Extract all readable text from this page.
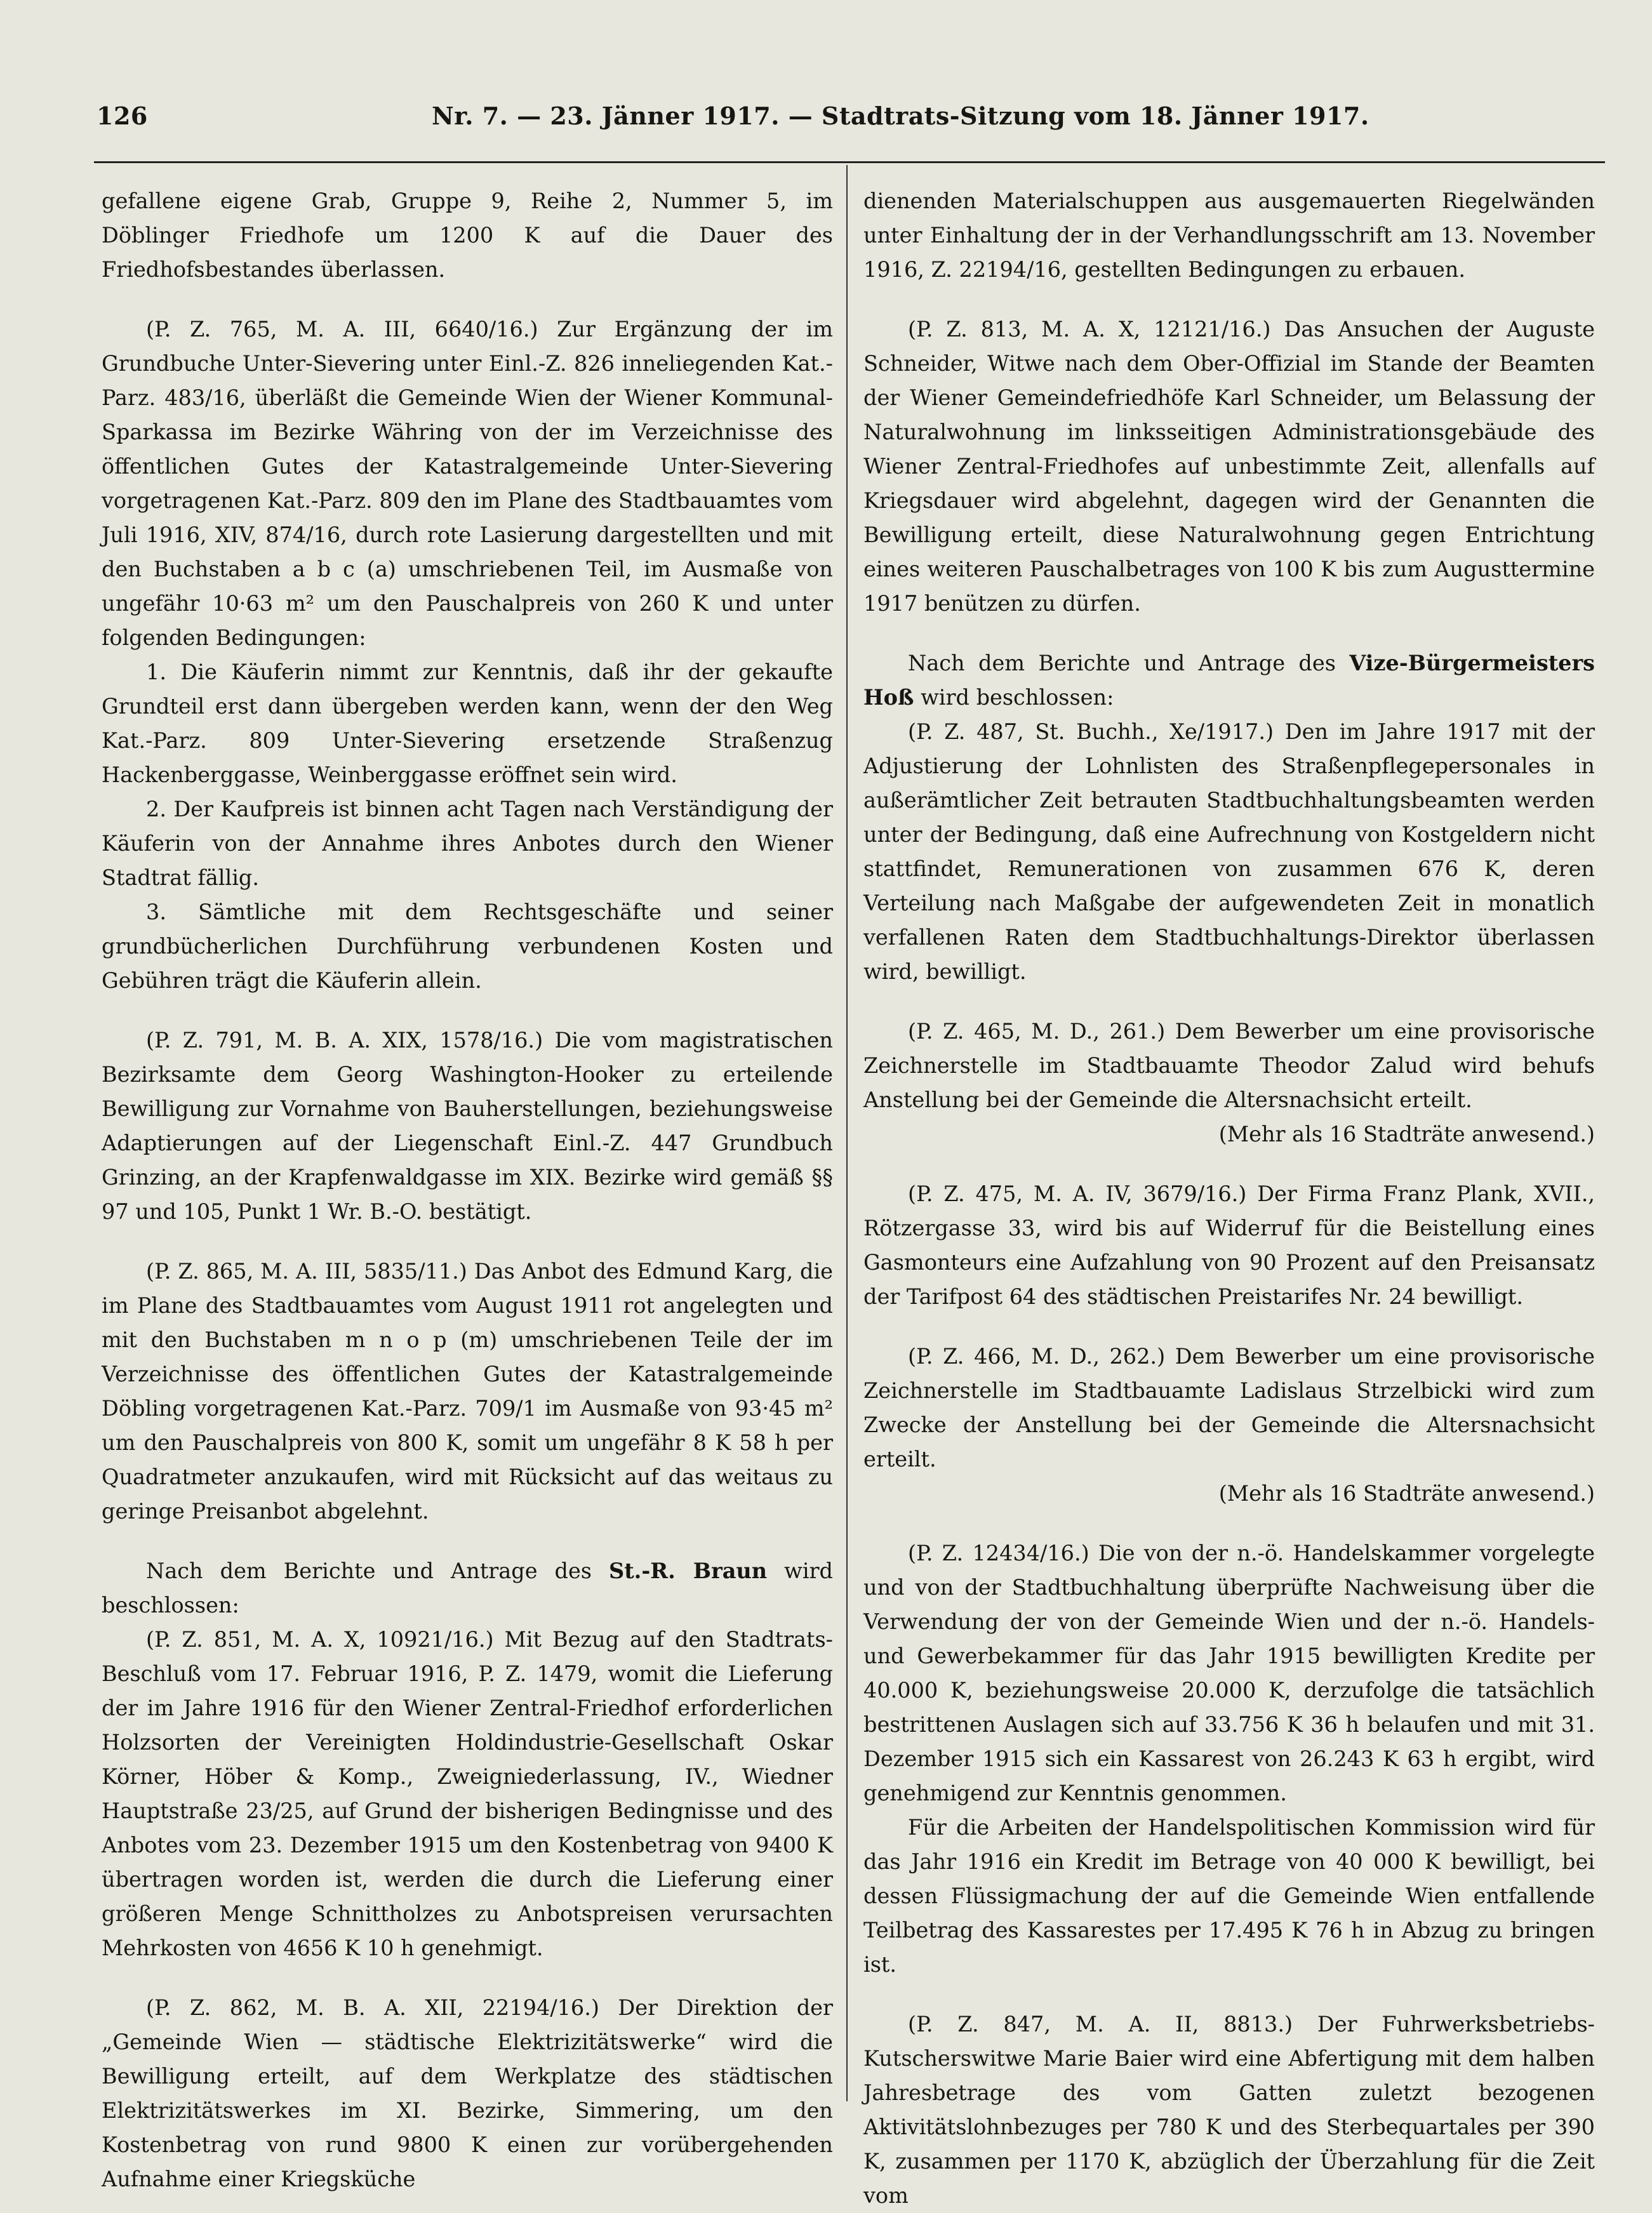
126	Nr. 7. — 23. Jänner 1917. — Stadtrats-Sitzung vom 18. Jänner 1917.

gefallene eigene Grab, Gruppe 9, Reihe 2, Nummer 5, im Döblinger Friedhofe um 1200 K auf die Dauer des Friedhofsbestandes überlassen.

(P. Z. 765, M. A. III, 6640/16.) Zur Ergänzung der im Grundbuche Unter-Sievering unter Einl.-Z. 826 inneliegenden Kat.-Parz. 483/16, überläßt die Gemeinde Wien der Wiener Kommunal-Sparkassa im Bezirke Währing von der im Verzeichnisse des öffentlichen Gutes der Katastralgemeinde Unter-Sievering vorgetragenen Kat.-Parz. 809 den im Plane des Stadtbauamtes vom Juli 1916, XIV, 874/16, durch rote Lasierung dargestellten und mit den Buchstaben a b c (a) umschriebenen Teil, im Ausmaße von ungefähr 10·63 m² um den Pauschalpreis von 260 K und unter folgenden Bedingungen:

1. Die Käuferin nimmt zur Kenntnis, daß ihr der gekaufte Grundteil erst dann übergeben werden kann, wenn der den Weg Kat.-Parz. 809 Unter-Sievering ersetzende Straßenzug Hackenberggasse, Weinberggasse eröffnet sein wird.

2. Der Kaufpreis ist binnen acht Tagen nach Verständigung der Käuferin von der Annahme ihres Anbotes durch den Wiener Stadtrat fällig.

3. Sämtliche mit dem Rechtsgeschäfte und seiner grundbücherlichen Durchführung verbundenen Kosten und Gebühren trägt die Käuferin allein.

(P. Z. 791, M. B. A. XIX, 1578/16.) Die vom magistratischen Bezirksamte dem Georg Washington-Hooker zu erteilende Bewilligung zur Vornahme von Bauherstellungen, beziehungsweise Adaptierungen auf der Liegenschaft Einl.-Z. 447 Grundbuch Grinzing, an der Krapfenwaldgasse im XIX. Bezirke wird gemäß §§ 97 und 105, Punkt 1 Wr. B.-O. bestätigt.

(P. Z. 865, M. A. III, 5835/11.) Das Anbot des Edmund Karg, die im Plane des Stadtbauamtes vom August 1911 rot angelegten und mit den Buchstaben m n o p (m) umschriebenen Teile der im Verzeichnisse des öffentlichen Gutes der Katastralgemeinde Döbling vorgetragenen Kat.-Parz. 709/1 im Ausmaße von 93·45 m² um den Pauschalpreis von 800 K, somit um ungefähr 8 K 58 h per Quadratmeter anzukaufen, wird mit Rücksicht auf das weitaus zu geringe Preisanbot abgelehnt.

Nach dem Berichte und Antrage des St.-R. Braun wird beschlossen:

(P. Z. 851, M. A. X, 10921/16.) Mit Bezug auf den Stadtrats-Beschluß vom 17. Februar 1916, P. Z. 1479, womit die Lieferung der im Jahre 1916 für den Wiener Zentral-Friedhof erforderlichen Holzsorten der Vereinigten Holdindustrie-Gesellschaft Oskar Körner, Höber & Komp., Zweigniederlassung, IV., Wiedner Hauptstraße 23/25, auf Grund der bisherigen Bedingnisse und des Anbotes vom 23. Dezember 1915 um den Kostenbetrag von 9400 K übertragen worden ist, werden die durch die Lieferung einer größeren Menge Schnittholzes zu Anbotspreisen verursachten Mehrkosten von 4656 K 10 h genehmigt.

(P. Z. 862, M. B. A. XII, 22194/16.) Der Direktion der „Gemeinde Wien — städtische Elektrizitätswerke“ wird die Bewilligung erteilt, auf dem Werkplatze des städtischen Elektrizitätswerkes im XI. Bezirke, Simmering, um den Kostenbetrag von rund 9800 K einen zur vorübergehenden Aufnahme einer Kriegsküche

dienenden Materialschuppen aus ausgemauerten Riegelwänden unter Einhaltung der in der Verhandlungsschrift am 13. November 1916, Z. 22194/16, gestellten Bedingungen zu erbauen.

(P. Z. 813, M. A. X, 12121/16.) Das Ansuchen der Auguste Schneider, Witwe nach dem Ober-Offizial im Stande der Beamten der Wiener Gemeindefriedhöfe Karl Schneider, um Belassung der Naturalwohnung im linksseitigen Administrationsgebäude des Wiener Zentral-Friedhofes auf unbestimmte Zeit, allenfalls auf Kriegsdauer wird abgelehnt, dagegen wird der Genannten die Bewilligung erteilt, diese Naturalwohnung gegen Entrichtung eines weiteren Pauschalbetrages von 100 K bis zum Augusttermine 1917 benützen zu dürfen.

Nach dem Berichte und Antrage des Vize-Bürgermeisters Hoß wird beschlossen:

(P. Z. 487, St. Buchh., Xe/1917.) Den im Jahre 1917 mit der Adjustierung der Lohnlisten des Straßenpflegepersonales in außerämtlicher Zeit betrauten Stadtbuchhaltungsbeamten werden unter der Bedingung, daß eine Aufrechnung von Kostgeldern nicht stattfindet, Remunerationen von zusammen 676 K, deren Verteilung nach Maßgabe der aufgewendeten Zeit in monatlich verfallenen Raten dem Stadtbuchhaltungs-Direktor überlassen wird, bewilligt.

(P. Z. 465, M. D., 261.) Dem Bewerber um eine provisorische Zeichnerstelle im Stadtbauamte Theodor Zalud wird behufs Anstellung bei der Gemeinde die Altersnachsicht erteilt.

(Mehr als 16 Stadträte anwesend.)

(P. Z. 475, M. A. IV, 3679/16.) Der Firma Franz Plank, XVII., Rötzergasse 33, wird bis auf Widerruf für die Beistellung eines Gasmonteurs eine Aufzahlung von 90 Prozent auf den Preisansatz der Tarifpost 64 des städtischen Preistarifes Nr. 24 bewilligt.

(P. Z. 466, M. D., 262.) Dem Bewerber um eine provisorische Zeichnerstelle im Stadtbauamte Ladislaus Strzelbicki wird zum Zwecke der Anstellung bei der Gemeinde die Altersnachsicht erteilt.

(Mehr als 16 Stadträte anwesend.)

(P. Z. 12434/16.) Die von der n.-ö. Handelskammer vorgelegte und von der Stadtbuchhaltung überprüfte Nachweisung über die Verwendung der von der Gemeinde Wien und der n.-ö. Handels- und Gewerbekammer für das Jahr 1915 bewilligten Kredite per 40.000 K, beziehungsweise 20.000 K, derzufolge die tatsächlich bestrittenen Auslagen sich auf 33.756 K 36 h belaufen und mit 31. Dezember 1915 sich ein Kassarest von 26.243 K 63 h ergibt, wird genehmigend zur Kenntnis genommen.

Für die Arbeiten der Handelspolitischen Kommission wird für das Jahr 1916 ein Kredit im Betrage von 40 000 K bewilligt, bei dessen Flüssigmachung der auf die Gemeinde Wien entfallende Teilbetrag des Kassarestes per 17.495 K 76 h in Abzug zu bringen ist.

(P. Z. 847, M. A. II, 8813.) Der Fuhrwerksbetriebs-Kutscherswitwe Marie Baier wird eine Abfertigung mit dem halben Jahresbetrage des vom Gatten zuletzt bezogenen Aktivitätslohnbezuges per 780 K und des Sterbequartales per 390 K, zusammen per 1170 K, abzüglich der Überzahlung für die Zeit vom
